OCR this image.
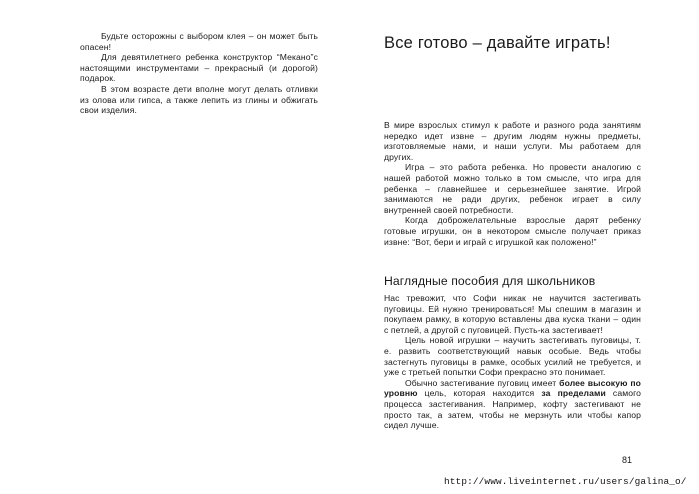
Будьте осторожны с выбором клея – он может быть опасен!

Для девятилетнего ребенка конструктор “Мекано”с настоящими инструментами – прекрасный (и дорогой) подарок.

В этом возрасте дети вполне могут делать отливки из олова или гипса, а также лепить из глины и обжигать свои изделия.

Все готово – давайте играть!

В мире взрослых стимул к работе и разного рода занятиям нередко идет извне – другим людям нужны предметы, изготовляемые нами, и наши услуги. Мы работаем для других.

Игра – это работа ребенка. Но провести аналогию с нашей работой можно только в том смысле, что игра для ребенка – главнейшее и серьезнейшее занятие. Игрой занимаются не ради других, ребенок играет в силу внутренней своей потребности.

Когда доброжелательные взрослые дарят ребенку готовые игрушки, он в некотором смысле получает приказ извне: “Вот, бери и играй с игрушкой как положено!”

Наглядные пособия для школьников

Нас тревожит, что Софи никак не научится застегивать пуговицы. Ей нужно тренироваться! Мы спешим в магазин и покупаем рамку, в которую вставлены два куска ткани – один с петлей, а другой с пуговицей. Пусть-ка застегивает!

Цель новой игрушки – научить застегивать пуговицы, т. е. развить соответствующий навык особые. Ведь чтобы застегнуть пуговицы в рамке, особых усилий не требуется, и уже с третьей попытки Софи прекрасно это понимает.

Обычно застегивание пуговиц имеет более высокую по уровню цель, которая находится за пределами самого процесса застегивания. Например, кофту застегивают не просто так, а затем, чтобы не мерзнуть или чтобы капор сидел лучше.

81
http://www.liveinternet.ru/users/galina_o/
